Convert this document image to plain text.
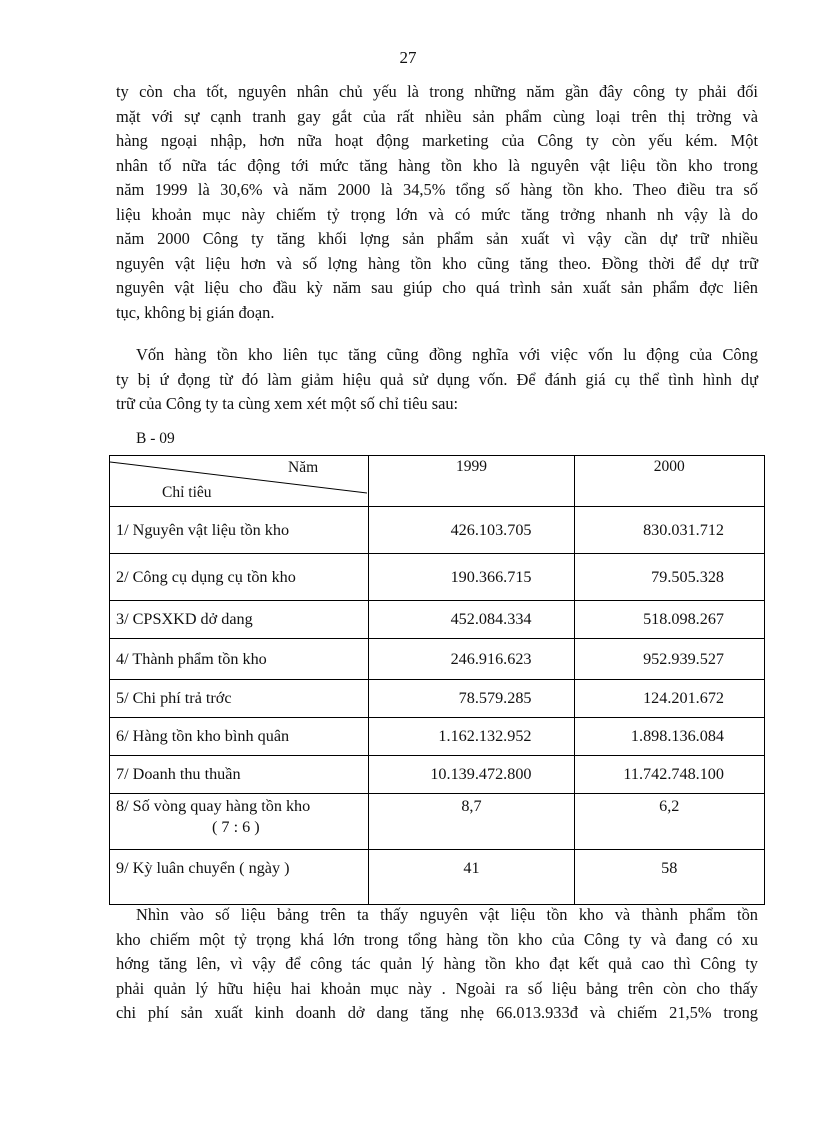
27

ty còn cha tốt, nguyên nhân chủ yếu là trong những năm gần đây công ty phải đối
mặt với sự cạnh tranh gay gắt của rất nhiều sản phẩm cùng loại trên thị trờng và
hàng ngoại nhập, hơn nữa hoạt động marketing của Công ty còn yếu kém. Một
nhân tố nữa tác động tới mức tăng hàng tồn kho là nguyên vật liệu tồn kho trong
năm 1999 là 30,6% và năm 2000 là 34,5% tổng số hàng tồn kho. Theo điều tra số
liệu khoản mục này chiếm tỷ trọng lớn và có mức tăng trởng nhanh nh vậy là do
năm 2000 Công ty tăng khối lợng sản phẩm sản xuất vì vậy cần dự trữ nhiều
nguyên vật liệu hơn và số lợng hàng tồn kho cũng tăng theo. Đồng thời để dự trữ
nguyên vật liệu cho đầu kỳ năm sau giúp cho quá trình sản xuất sản phẩm đợc liên
tục, không bị gián đoạn.

Vốn hàng tồn kho liên tục tăng cũng đồng nghĩa với việc vốn lu động của Công
ty bị ứ đọng từ đó làm giảm hiệu quả sử dụng vốn. Để đánh giá cụ thể tình hình dự
trữ của Công ty ta cùng xem xét một số chỉ tiêu sau:

B - 09
Năm
Chỉ tiêu	1999	2000
1/ Nguyên vật liệu tồn kho	426.103.705	830.031.712
2/ Công cụ dụng cụ tồn kho	190.366.715	79.505.328
3/ CPSXKD dở dang	452.084.334	518.098.267
4/ Thành phẩm tồn kho	246.916.623	952.939.527
5/ Chi phí trả trớc	78.579.285	124.201.672
6/ Hàng tồn kho bình quân	1.162.132.952	1.898.136.084
7/ Doanh thu thuần	10.139.472.800	11.742.748.100
8/ Số vòng quay hàng tồn kho
( 7 : 6 )	8,7	6,2
9/ Kỳ luân chuyển ( ngày )	41	58

Nhìn vào số liệu bảng trên ta thấy nguyên vật liệu tồn kho và thành phẩm tồn
kho chiếm một tỷ trọng khá lớn trong tổng hàng tồn kho của Công ty và đang có xu
hớng tăng lên, vì vậy để công tác quản lý hàng tồn kho đạt kết quả cao thì Công ty
phải quản lý hữu hiệu hai khoản mục này . Ngoài ra số liệu bảng trên còn cho thấy
chi phí sản xuất kinh doanh dở dang tăng nhẹ 66.013.933đ và chiếm 21,5% trong
